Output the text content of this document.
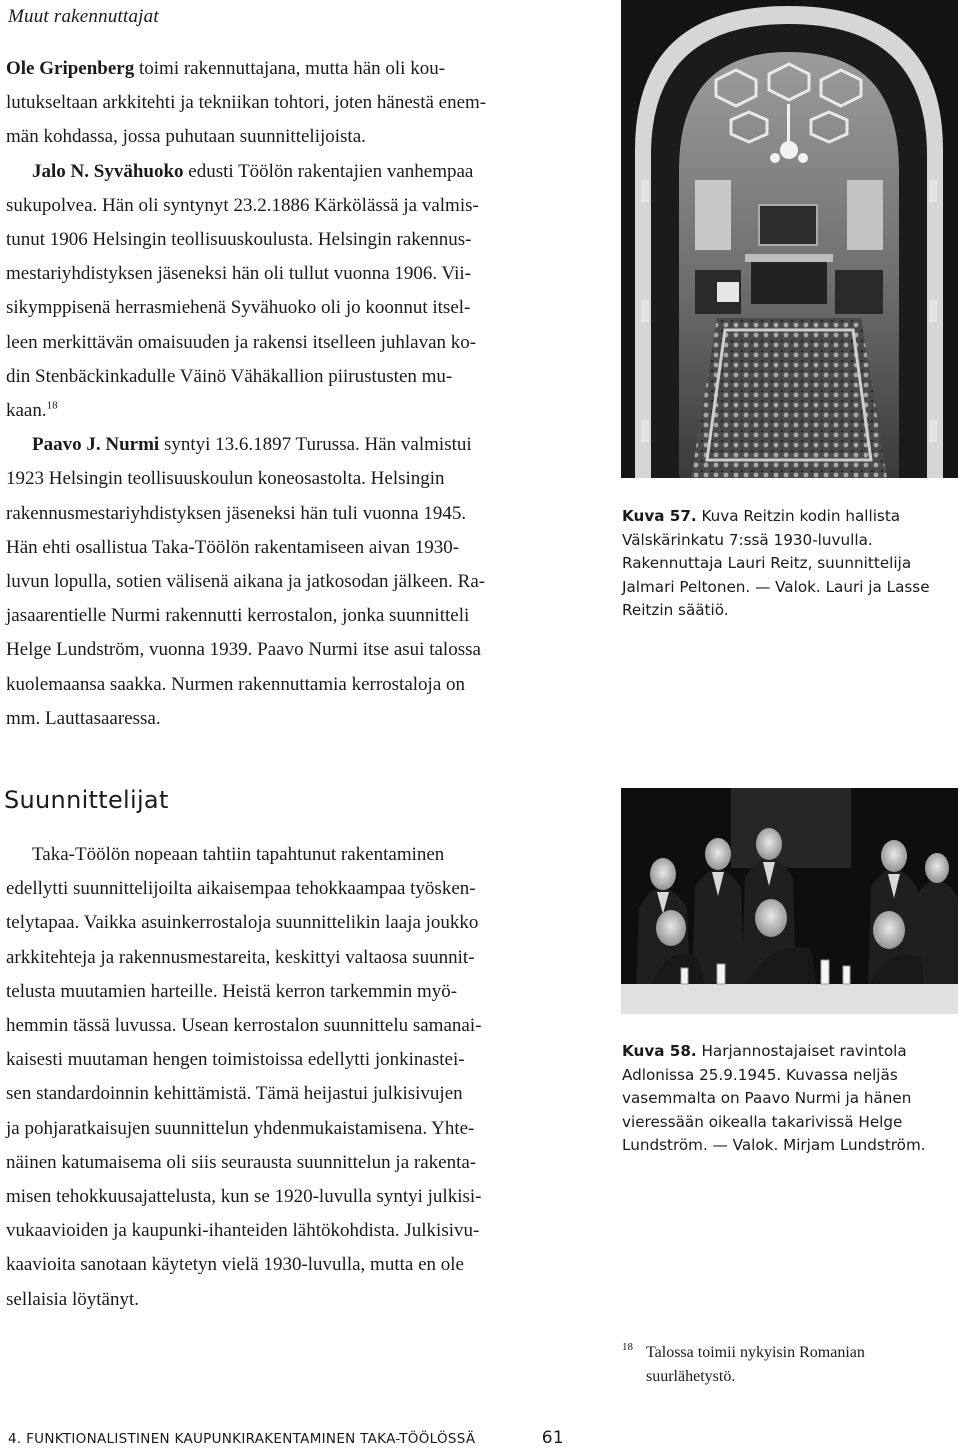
Muut rakennuttajat

Ole Gripenberg toimi rakennuttajana, mutta hän oli kou-
lutukseltaan arkkitehti ja tekniikan tohtori, joten hänestä enem-
män kohdassa, jossa puhutaan suunnittelijoista.

Jalo N. Syvähuoko edusti Töölön rakentajien vanhempaa
sukupolvea. Hän oli syntynyt 23.2.1886 Kärkölässä ja valmis-
tunut 1906 Helsingin teollisuuskoulusta. Helsingin rakennus-
mestariyhdistyksen jäseneksi hän oli tullut vuonna 1906. Vii-
sikymppisenä herrasmiehenä Syvähuoko oli jo koonnut itsel-
leen merkittävän omaisuuden ja rakensi itselleen juhlavan ko-
din Stenbäckinkadulle Väinö Vähäkallion piirustusten mu-
kaan.$^{18}$

Paavo J. Nurmi syntyi 13.6.1897 Turussa. Hän valmistui
1923 Helsingin teollisuuskoulun koneosastolta. Helsingin
rakennusmestariyhdistyksen jäseneksi hän tuli vuonna 1945.
Hän ehti osallistua Taka-Töölön rakentamiseen aivan 1930-
luvun lopulla, sotien välisenä aikana ja jatkosodan jälkeen. Ra-
jasaarentielle Nurmi rakennutti kerrostalon, jonka suunnitteli
Helge Lundström, vuonna 1939. Paavo Nurmi itse asui talossa
kuolemaansa saakka. Nurmen rakennuttamia kerrostaloja on
mm. Lauttasaaressa.

Suunnittelijat

Taka-Töölön nopeaan tahtiin tapahtunut rakentaminen
edellytti suunnittelijoilta aikaisempaa tehokkaampaa työsken-
telytapaa. Vaikka asuinkerrostaloja suunnittelikin laaja joukko
arkkitehteja ja rakennusmestareita, keskittyi valtaosa suunnit-
telusta muutamien harteille. Heistä kerron tarkemmin myö-
hemmin tässä luvussa. Usean kerrostalon suunnittelu samanai-
kaisesti muutaman hengen toimistoissa edellytti jonkinastei-
sen standardoinnin kehittämistä. Tämä heijastui julkisivujen
ja pohjaratkaisujen suunnittelun yhdenmukaistamisena. Yhte-
näinen katumaisema oli siis seurausta suunnittelun ja rakenta-
misen tehokkuusajattelusta, kun se 1920-luvulla syntyi julkisi-
vukaavioiden ja kaupunki-ihanteiden lähtökohdista. Julkisivu-
kaavioita sanotaan käytetyn vielä 1930-luvulla, mutta en ole
sellaisia löytänyt.

Kuva 57. Kuva Reitzin kodin hallista
Välskärinkatu 7:ssä 1930-luvulla.
Rakennuttaja Lauri Reitz, suunnittelija
Jalmari Peltonen. — Valok. Lauri ja Lasse
Reitzin säätiö.
Kuva 58. Harjannostajaiset ravintola
Adlonissa 25.9.1945. Kuvassa neljäs
vasemmalta on Paavo Nurmi ja hänen
vieressään oikealla takarivissä Helge
Lundström. — Valok. Mirjam Lundström.
18 Talossa toimii nykyisin Romanian
suurlähetystö.
4. FUNKTIONALISTINEN KAUPUNKIRAKENTAMINEN TAKA-TÖÖLÖSSÄ	61
